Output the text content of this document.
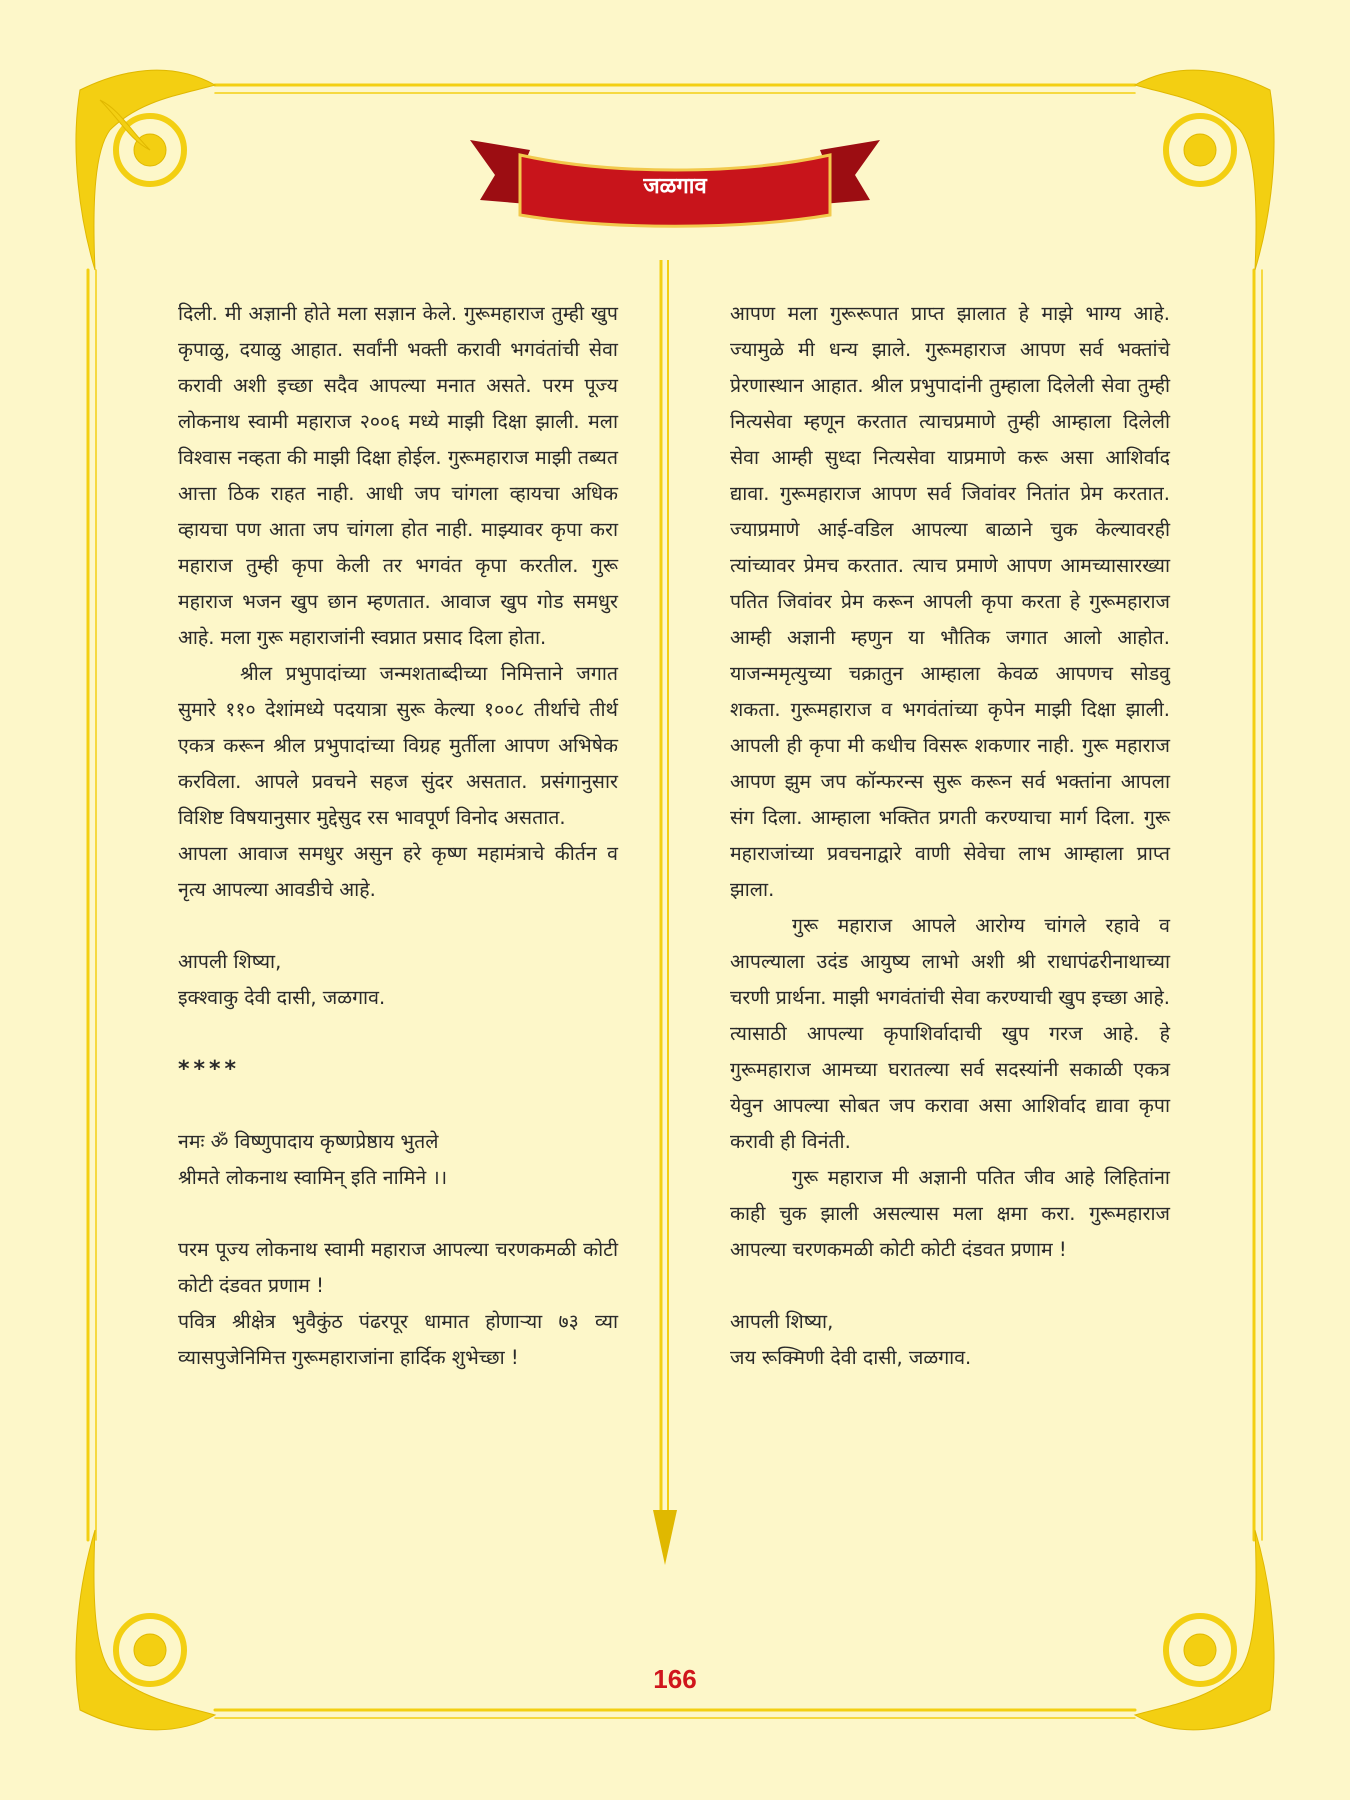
जळगाव

दिली. मी अज्ञानी होते मला सज्ञान केले. गुरूमहाराज तुम्ही खुप कृपाळु, दयाळु आहात. सर्वांनी भक्ती करावी भगवंतांची सेवा करावी अशी इच्छा सदैव आपल्या मनात असते. परम पूज्य लोकनाथ स्वामी महाराज २००६ मध्ये माझी दिक्षा झाली. मला विश्वास नव्हता की माझी दिक्षा होईल. गुरूमहाराज माझी तब्यत आत्ता ठिक राहत नाही. आधी जप चांगला व्हायचा अधिक व्हायचा पण आता जप चांगला होत नाही. माझ्यावर कृपा करा महाराज तुम्ही कृपा केली तर भगवंत कृपा करतील. गुरू महाराज भजन खुप छान म्हणतात. आवाज खुप गोड समधुर आहे. मला गुरू महाराजांनी स्वप्नात प्रसाद दिला होता.

श्रील प्रभुपादांच्या जन्मशताब्दीच्या निमित्ताने जगात सुमारे ११० देशांमध्ये पदयात्रा सुरू केल्या १००८ तीर्थाचे तीर्थ एकत्र करून श्रील प्रभुपादांच्या विग्रह मुर्तीला आपण अभिषेक करविला. आपले प्रवचने सहज सुंदर असतात. प्रसंगानुसार विशिष्ट विषयानुसार मुद्देसुद रस भावपूर्ण विनोद असतात.

आपला आवाज समधुर असुन हरे कृष्ण महामंत्राचे कीर्तन व नृत्य आपल्या आवडीचे आहे.

आपली शिष्या,

इक्श्वाकु देवी दासी, जळगाव.

****

नमः ॐ विष्णुपादाय कृष्णप्रेष्ठाय भुतले

श्रीमते लोकनाथ स्वामिन् इति नामिने ।।

परम पूज्य लोकनाथ स्वामी महाराज आपल्या चरणकमळी कोटी कोटी दंडवत प्रणाम !

पवित्र श्रीक्षेत्र भुवैकुंठ पंढरपूर धामात होणाऱ्या ७३ व्या व्यासपुजेनिमित्त गुरूमहाराजांना हार्दिक शुभेच्छा !

आपण मला गुरूरूपात प्राप्त झालात हे माझे भाग्य आहे. ज्यामुळे मी धन्य झाले. गुरूमहाराज आपण सर्व भक्तांचे प्रेरणास्थान आहात. श्रील प्रभुपादांनी तुम्हाला दिलेली सेवा तुम्ही नित्यसेवा म्हणून करतात त्याचप्रमाणे तुम्ही आम्हाला दिलेली सेवा आम्ही सुध्दा नित्यसेवा याप्रमाणे करू असा आशिर्वाद द्यावा. गुरूमहाराज आपण सर्व जिवांवर नितांत प्रेम करतात. ज्याप्रमाणे आई-वडिल आपल्या बाळाने चुक केल्यावरही त्यांच्यावर प्रेमच करतात. त्याच प्रमाणे आपण आमच्यासारख्या पतित जिवांवर प्रेम करून आपली कृपा करता हे गुरूमहाराज आम्ही अज्ञानी म्हणुन या भौतिक जगात आलो आहोत. याजन्ममृत्युच्या चक्रातुन आम्हाला केवळ आपणच सोडवु शकता. गुरूमहाराज व भगवंतांच्या कृपेन माझी दिक्षा झाली. आपली ही कृपा मी कधीच विसरू शकणार नाही. गुरू महाराज आपण झुम जप कॉन्फरन्स सुरू करून सर्व भक्तांना आपला संग दिला. आम्हाला भक्तित प्रगती करण्याचा मार्ग दिला. गुरू महाराजांच्या प्रवचनाद्वारे वाणी सेवेचा लाभ आम्हाला प्राप्त झाला.

गुरू महाराज आपले आरोग्य चांगले रहावे व आपल्याला उदंड आयुष्य लाभो अशी श्री राधापंढरीनाथाच्या चरणी प्रार्थना. माझी भगवंतांची सेवा करण्याची खुप इच्छा आहे. त्यासाठी आपल्या कृपाशिर्वादाची खुप गरज आहे. हे गुरूमहाराज आमच्या घरातल्या सर्व सदस्यांनी सकाळी एकत्र येवुन आपल्या सोबत जप करावा असा आशिर्वाद द्यावा कृपा करावी ही विनंती.

गुरू महाराज मी अज्ञानी पतित जीव आहे लिहितांना काही चुक झाली असल्यास मला क्षमा करा. गुरूमहाराज आपल्या चरणकमळी कोटी कोटी दंडवत प्रणाम !

आपली शिष्या,

जय रूक्मिणी देवी दासी, जळगाव.

166
